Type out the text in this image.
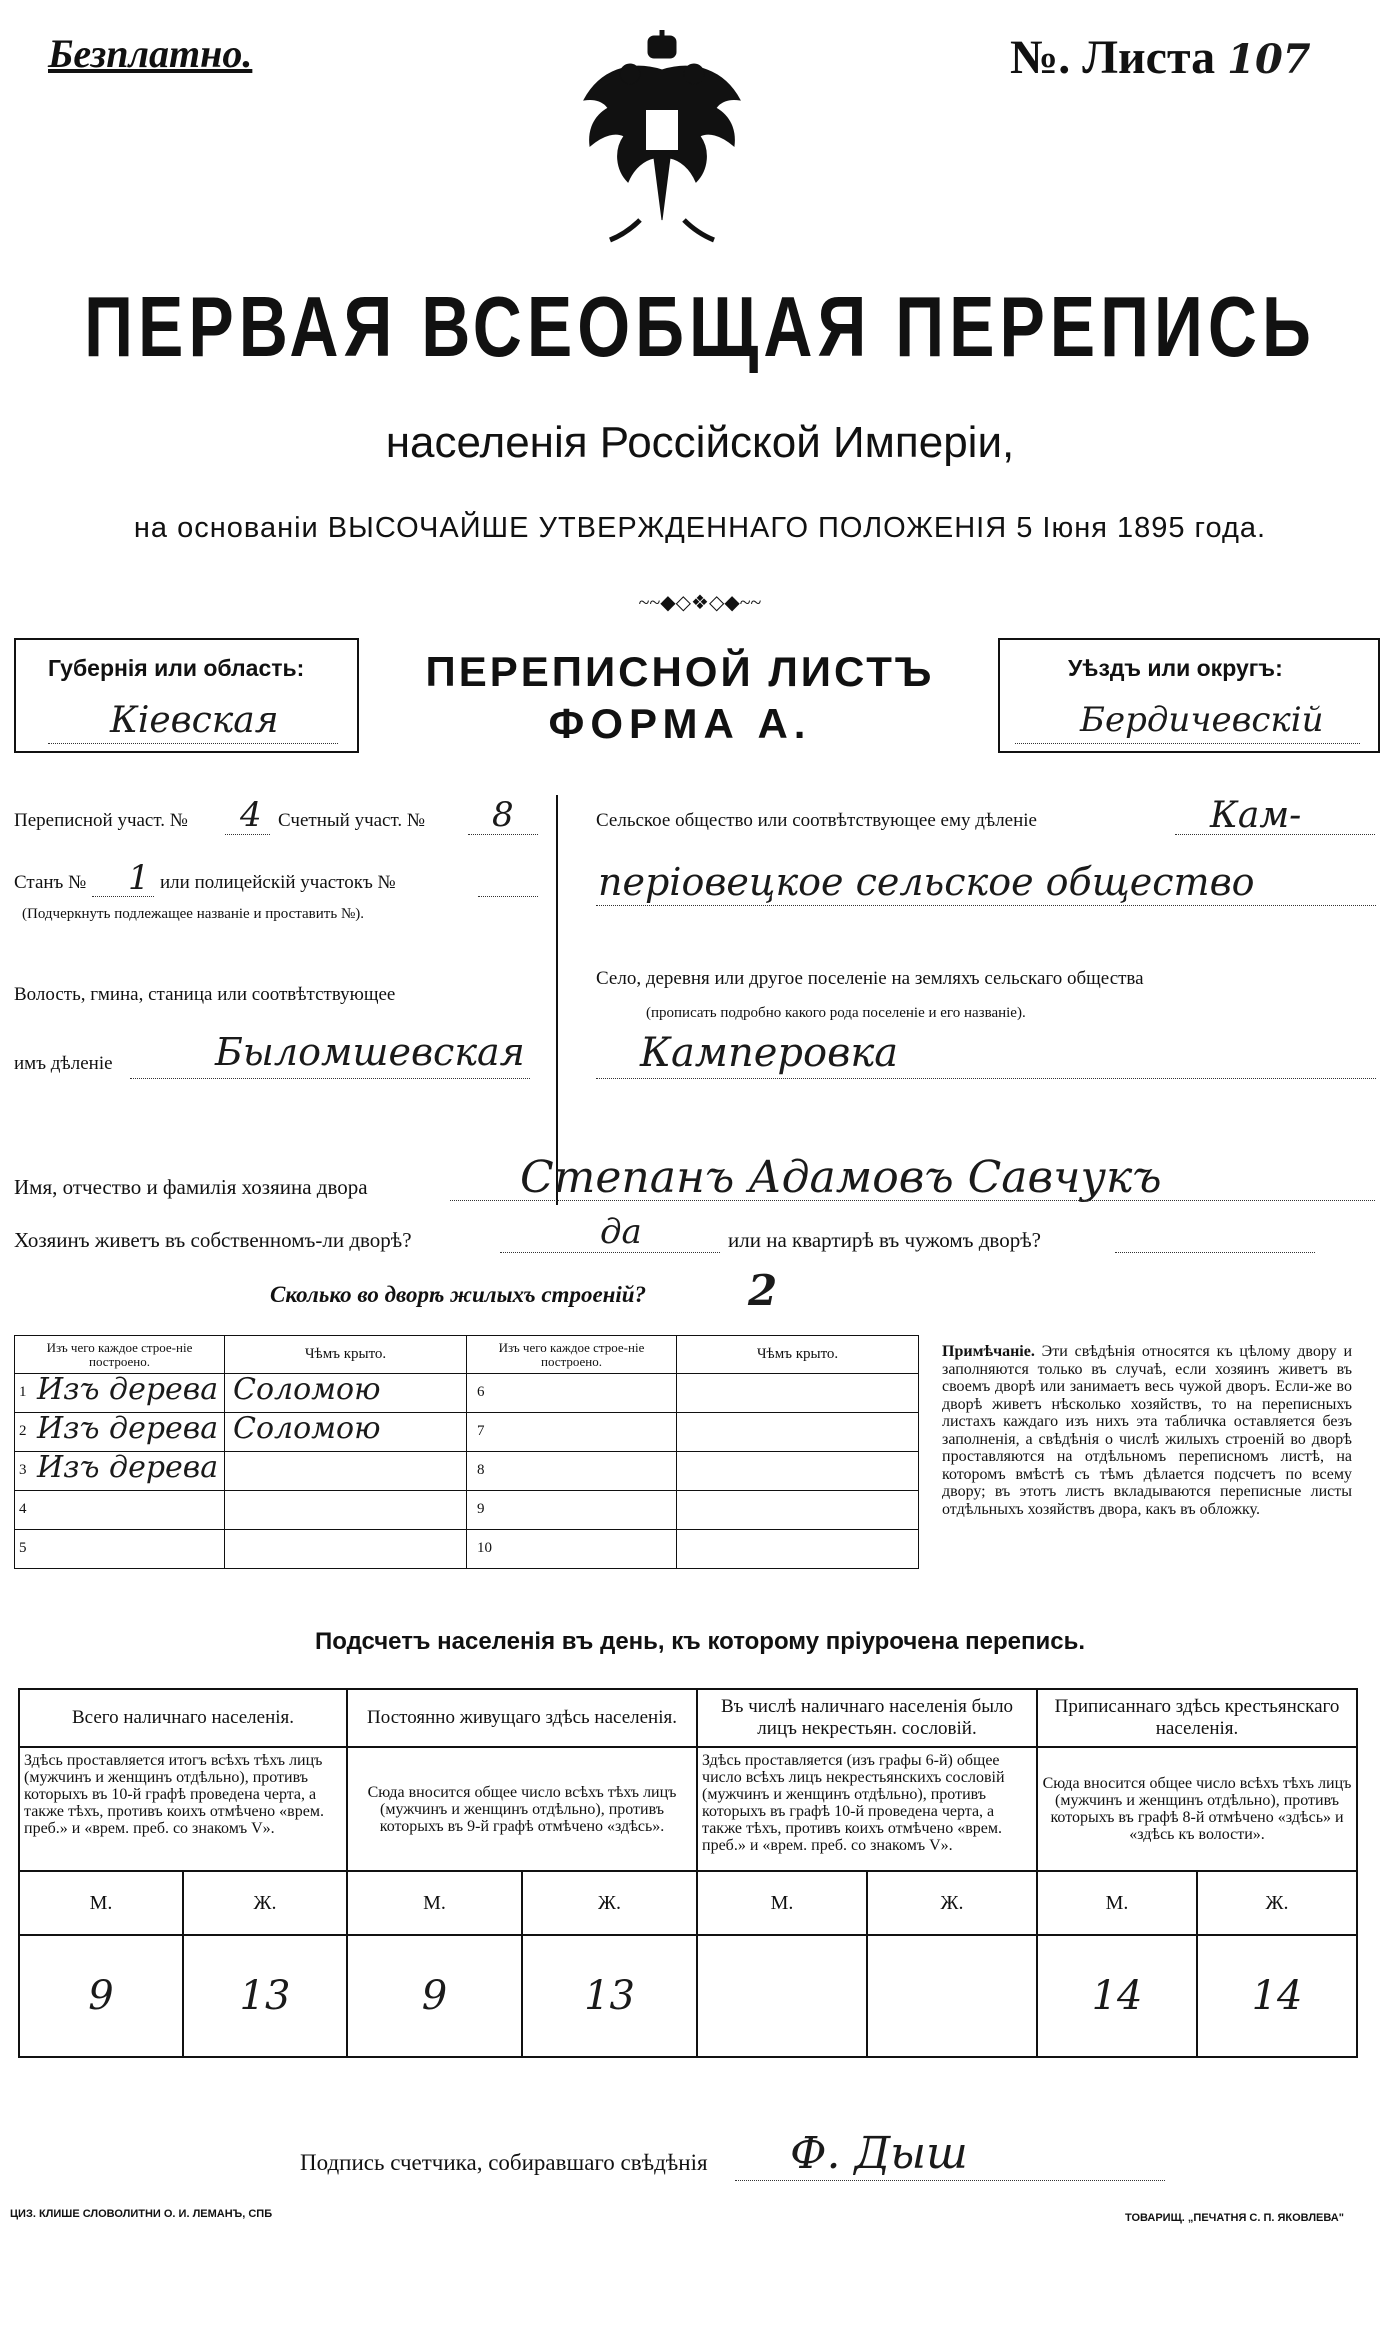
Безплатно.	№. Листа 107
ПЕРВАЯ ВСЕОБЩАЯ ПЕРЕПИСЬ
населенія Россійской Имперіи,
на основаніи ВЫСОЧАЙШЕ УТВЕРЖДЕННАГО ПОЛОЖЕНІЯ 5 Іюня 1895 года.
~~◆◇❖◇◆~~
Губернія или область:
Кiевская
ПЕРЕПИСНОЙ ЛИСТЪ
ФОРМА А.
Уѣздъ или округъ:
Бердичевскiй
Переписной участ. № 4 Счетный участ. № 8
Станъ № 1 или полицейскій участокъ №
(Подчеркнуть подлежащее названіе и проставить №).
Волость, гмина, станица или соотвѣтствующее
имъ дѣленіе	Быломшевская
Сельское общество или соотвѣтствующее ему дѣленіе	Кам-
періовецкое сельское общество
Село, деревня или другое поселеніе на земляхъ сельскаго общества
(прописать подробно какого рода поселеніе и его названіе).
Камперовка
Имя, отчество и фамилія хозяина двора	Степанъ Адамовъ Савчукъ
Хозяинъ живетъ въ собственномъ-ли дворѣ?	да	или на квартирѣ въ чужомъ дворѣ?
Сколько во дворѣ жилыхъ строеній? 2
Изъ чего каждое строе-ніе построено.	Чѣмъ крыто.	Изъ чего каждое строе-ніе построено.	Чѣмъ крыто.

1 Изъ дерева	Соломою	6	

2 Изъ дерева	Соломою	7	

3 Изъ дерева		8	

4		9	

5		10	

Примѣчаніе. Эти свѣдѣнія относятся къ цѣлому двору и заполняются только въ случаѣ, если хозяинъ живетъ въ своемъ дворѣ или занимаетъ весь чужой дворъ. Если-же во дворѣ живетъ нѣсколько хозяйствъ, то на переписныхъ листахъ каждаго изъ нихъ эта табличка оставляется безъ заполненія, а свѣдѣнія о числѣ жилыхъ строеній во дворѣ проставляются на отдѣльномъ переписномъ листѣ, на которомъ вмѣстѣ съ тѣмъ дѣлается подсчетъ по всему двору; въ этотъ листъ вкладываются переписные листы отдѣльныхъ хозяйствъ двора, какъ въ обложку.
Подсчетъ населенія въ день, къ которому пріурочена перепись.
Всего наличнаго населенія.		Постоянно живущаго здѣсь населенія.		Въ числѣ наличнаго населенія было лицъ некрестьян. сословій.		Приписаннаго здѣсь крестьянскаго населенія.	
Здѣсь проставляется итогъ всѣхъ тѣхъ лицъ (мужчинъ и женщинъ отдѣльно), противъ которыхъ въ 10-й графѣ проведена черта, а также тѣхъ, противъ коихъ отмѣчено «врем. преб.» и «врем. преб. со знакомъ V».		Сюда вносится общее число всѣхъ тѣхъ лицъ (мужчинъ и женщинъ отдѣльно), противъ которыхъ въ 9-й графѣ отмѣчено «здѣсь».		Здѣсь проставляется (изъ графы 6-й) общее число всѣхъ лицъ некрестьянскихъ сословій (мужчинъ и женщинъ отдѣльно), противъ которыхъ въ графѣ 10-й проведена черта, а также тѣхъ, противъ коихъ отмѣчено «врем. преб.» и «врем. преб. со знакомъ V».		Сюда вносится общее число всѣхъ тѣхъ лицъ (мужчинъ и женщинъ отдѣльно), противъ которыхъ въ графѣ 8-й отмѣчено «здѣсь» и «здѣсь къ волости».	
М.	Ж.	М.	Ж.	М.	Ж.	М.	Ж.
9	13	9	13			14	14
Подпись счетчика, собиравшаго свѣдѣнія Ф. Дыш
ЦИЗ. КЛИШЕ СЛОВОЛИТНИ О. И. ЛЕМАНЪ, СПБ	ТОВАРИЩ. „ПЕЧАТНЯ С. П. ЯКОВЛЕВА"
